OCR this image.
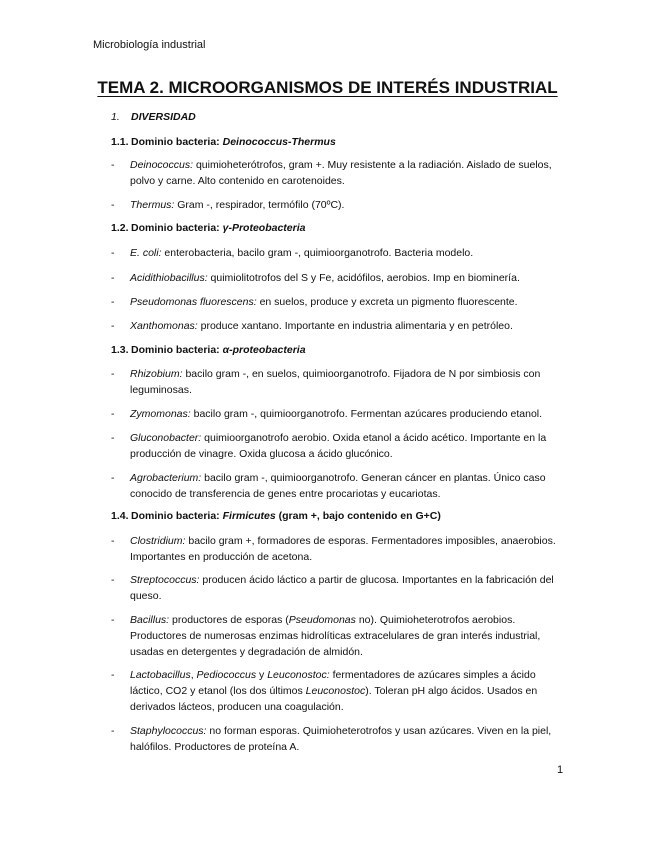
Microbiología industrial
TEMA 2. MICROORGANISMOS DE INTERÉS INDUSTRIAL
1. DIVERSIDAD
1.1. Dominio bacteria: Deinococcus-Thermus
- Deinococcus: quimioheterótrofos, gram +. Muy resistente a la radiación. Aislado de suelos, polvo y carne. Alto contenido en carotenoides.
- Thermus: Gram -, respirador, termófilo (70ºC).
1.2. Dominio bacteria: γ-Proteobacteria
- E. coli: enterobacteria, bacilo gram -, quimioorganotrofo. Bacteria modelo.
- Acidithiobacillus: quimiolitotrofos del S y Fe, acidófilos, aerobios. Imp en biominería.
- Pseudomonas fluorescens: en suelos, produce y excreta un pigmento fluorescente.
- Xanthomonas: produce xantano. Importante en industria alimentaria y en petróleo.
1.3. Dominio bacteria: α-proteobacteria
- Rhizobium: bacilo gram -, en suelos, quimioorganotrofo. Fijadora de N por simbiosis con leguminosas.
- Zymomonas: bacilo gram -, quimioorganotrofo. Fermentan azúcares produciendo etanol.
- Gluconobacter: quimioorganotrofo aerobio. Oxida etanol a ácido acético. Importante en la producción de vinagre. Oxida glucosa a ácido glucónico.
- Agrobacterium: bacilo gram -, quimioorganotrofo. Generan cáncer en plantas. Único caso conocido de transferencia de genes entre procariotas y eucariotas.
1.4. Dominio bacteria: Firmicutes (gram +, bajo contenido en G+C)
- Clostridium: bacilo gram +, formadores de esporas. Fermentadores imposibles, anaerobios. Importantes en producción de acetona.
- Streptococcus: producen ácido láctico a partir de glucosa. Importantes en la fabricación del queso.
- Bacillus: productores de esporas (Pseudomonas no). Quimioheterotrofos aerobios. Productores de numerosas enzimas hidrolíticas extracelulares de gran interés industrial, usadas en detergentes y degradación de almidón.
- Lactobacillus, Pediococcus y Leuconostoc: fermentadores de azúcares simples a ácido láctico, CO2 y etanol (los dos últimos Leuconostoc). Toleran pH algo ácidos. Usados en derivados lácteos, producen una coagulación.
- Staphylococcus: no forman esporas. Quimioheterotrofos y usan azúcares. Viven en la piel, halófilos. Productores de proteína A.
1
